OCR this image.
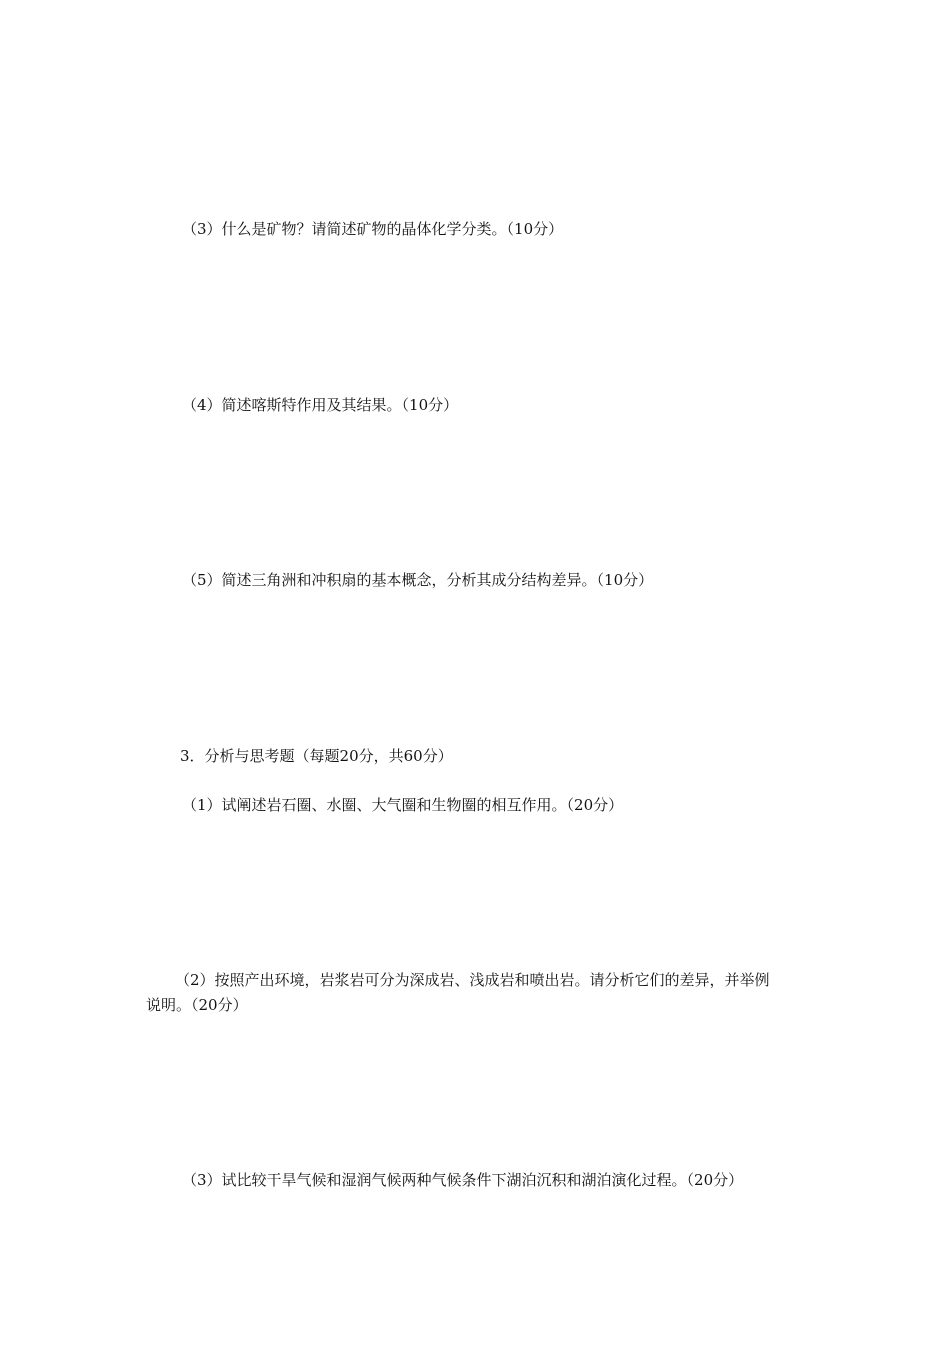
（3）什么是矿物？请简述矿物的晶体化学分类。（10分）

（4）简述喀斯特作用及其结果。（10分）

（5）简述三角洲和冲积扇的基本概念，分析其成分结构差异。（10分）

3．分析与思考题（每题20分，共60分）

（1）试阐述岩石圈、水圈、大气圈和生物圈的相互作用。（20分）

（2）按照产出环境，岩浆岩可分为深成岩、浅成岩和喷出岩。请分析它们的差异，并举例

说明。（20分）

（3）试比较干旱气候和湿润气候两种气候条件下湖泊沉积和湖泊演化过程。（20分）
